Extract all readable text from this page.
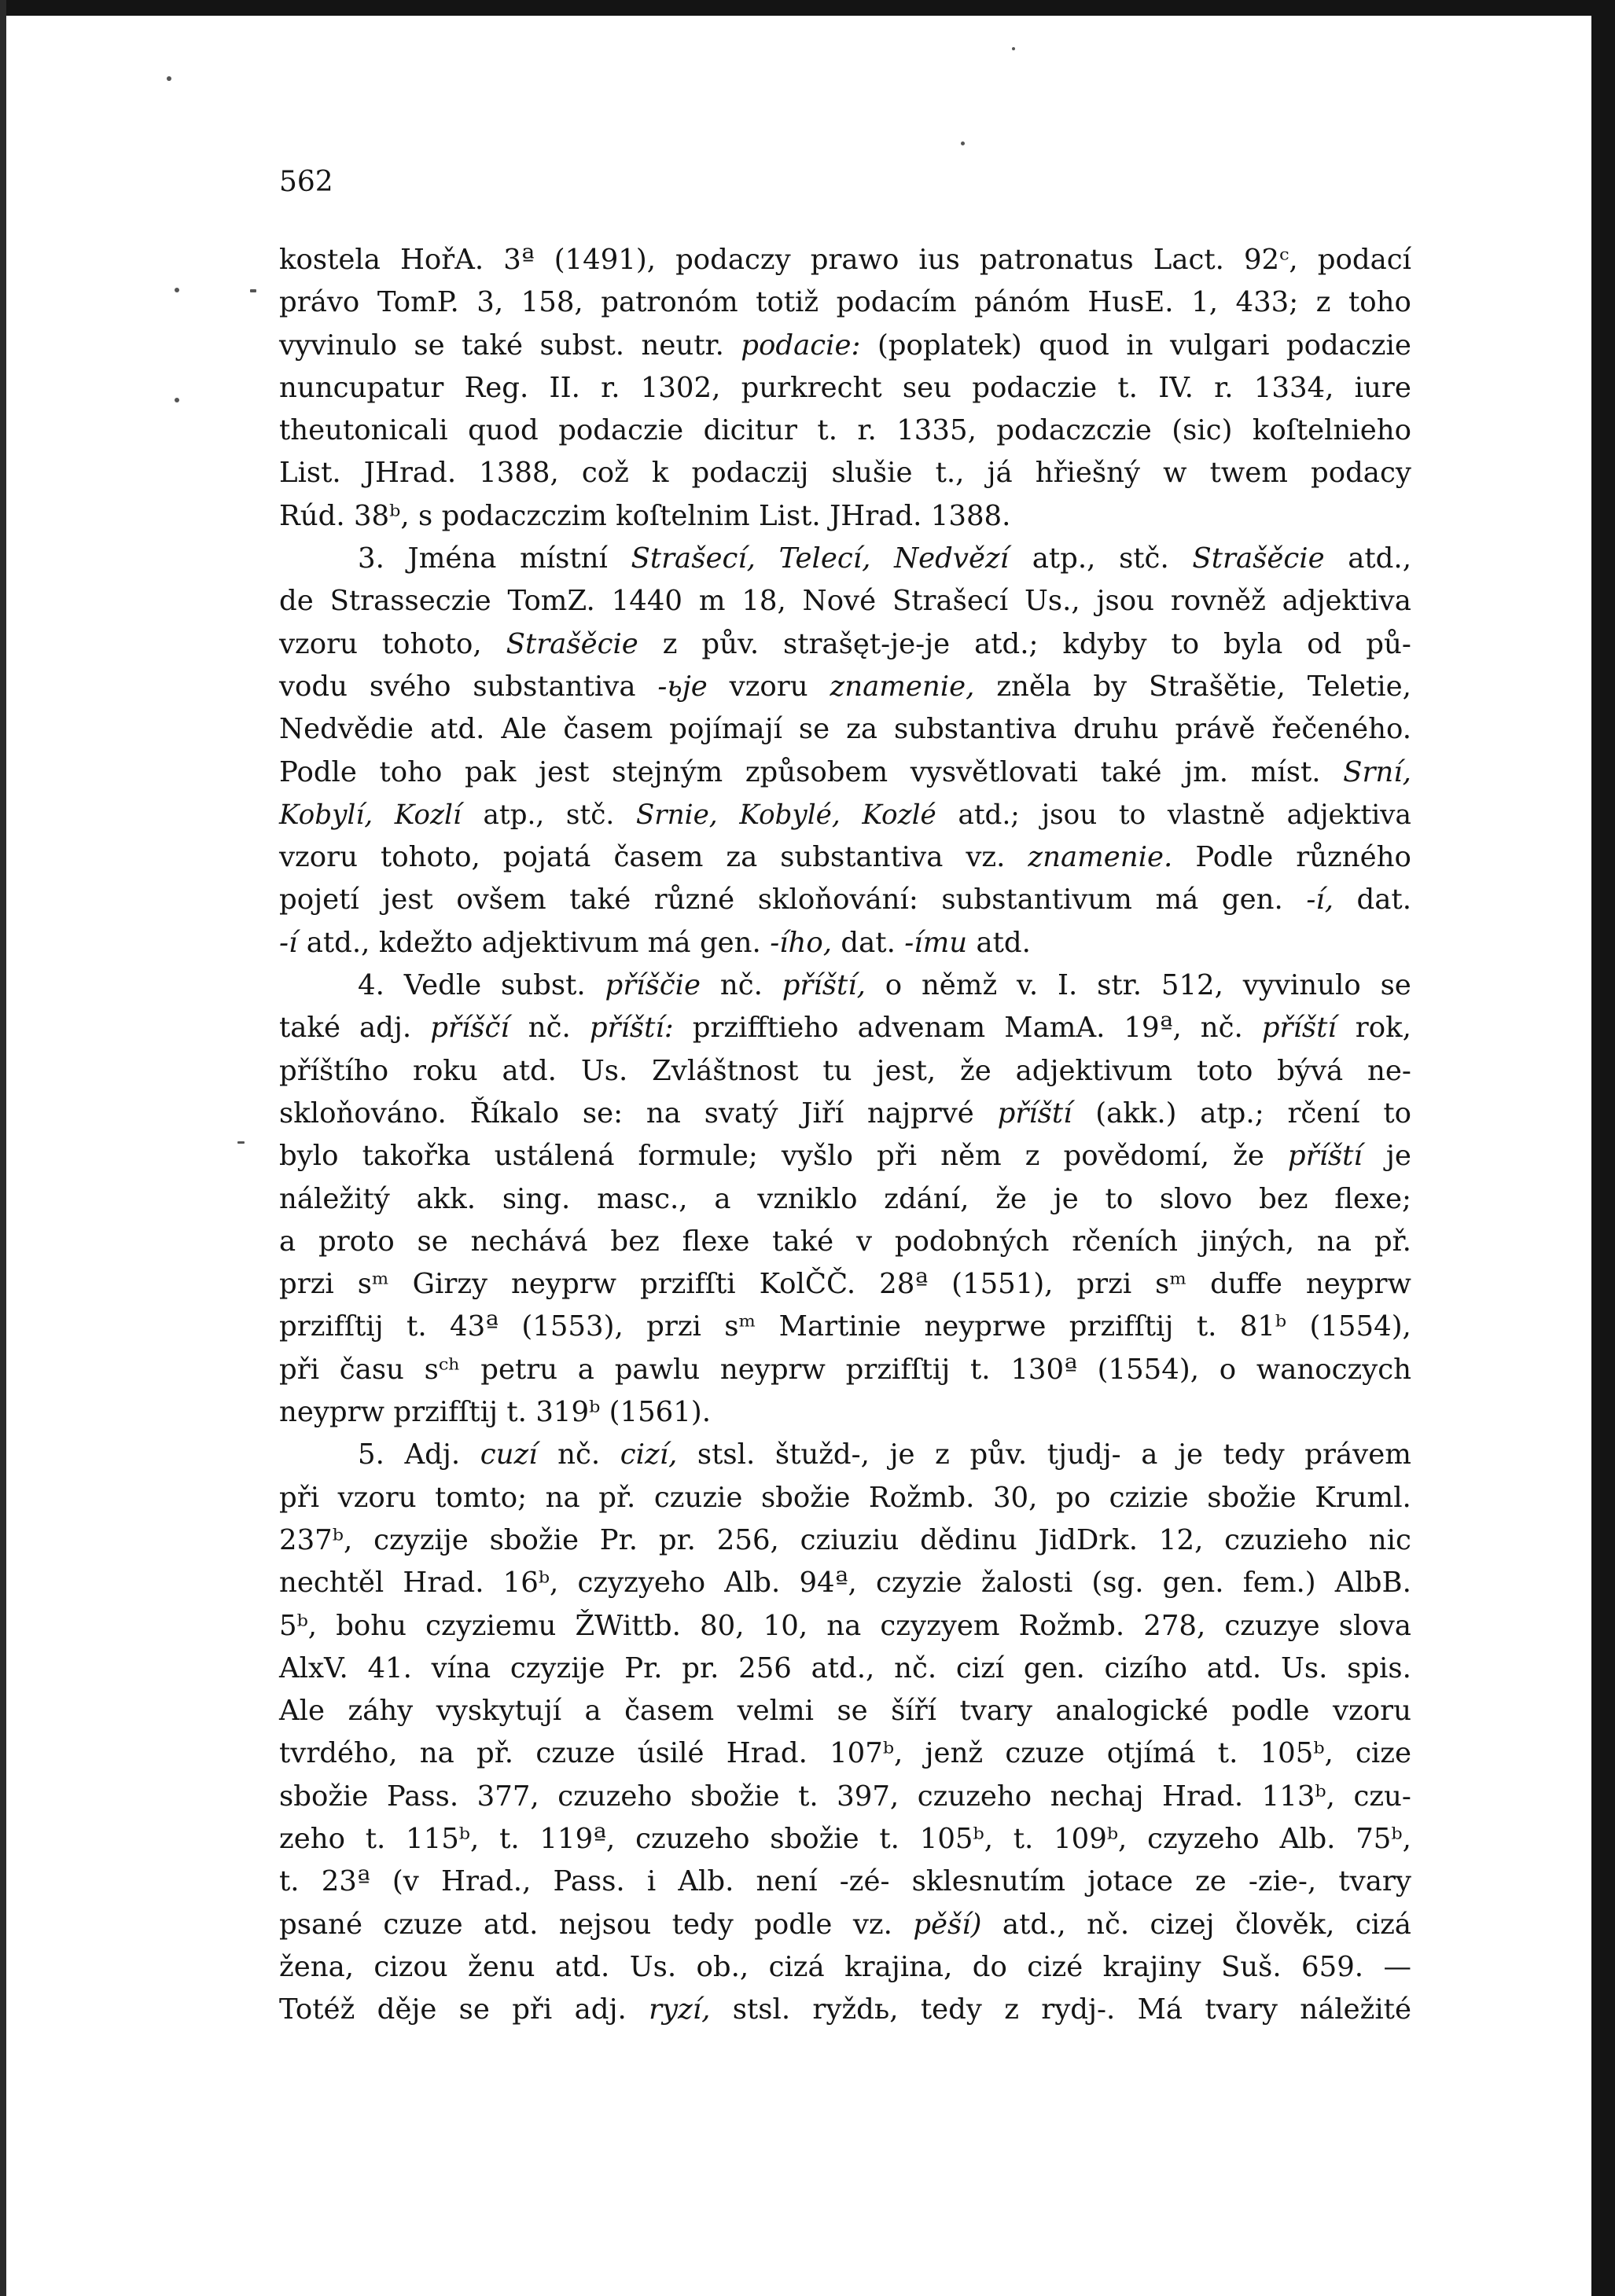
562
kostela HořA. 3ª (1491), podaczy prawo ius patronatus Lact. 92ᶜ, podací
právo TomP. 3, 158, patronóm totiž podacím pánóm HusE. 1, 433; z toho
vyvinulo se také subst. neutr. podacie: (poplatek) quod in vulgari podaczie
nuncupatur Reg. II. r. 1302, purkrecht seu podaczie t. IV. r. 1334, iure
theutonicali quod podaczie dicitur t. r. 1335, podaczczie (sic) koſtelnieho
List. JHrad. 1388, což k podaczij slušie t., já hřiešný w twem podacy
Rúd. 38ᵇ, s podaczczim koſtelnim List. JHrad. 1388.
3. Jména místní Strašecí, Telecí, Nedvězí atp., stč. Strašěcie atd.,
de Strasseczie TomZ. 1440 m 18, Nové Strašecí Us., jsou rovněž adjektiva
vzoru tohoto, Strašěcie z pův. strašęt-je-je atd.; kdyby to byla od pů-
vodu svého substantiva -ьje vzoru znamenie, zněla by Strašětie, Teletie,
Nedvědie atd. Ale časem pojímají se za substantiva druhu právě řečeného.
Podle toho pak jest stejným způsobem vysvětlovati také jm. míst. Srní,
Kobylí, Kozlí atp., stč. Srnie, Kobylé, Kozlé atd.; jsou to vlastně adjektiva
vzoru tohoto, pojatá časem za substantiva vz. znamenie. Podle různého
pojetí jest ovšem také různé skloňování: substantivum má gen. -í, dat.
-í atd., kdežto adjektivum má gen. -ího, dat. -ímu atd.
4. Vedle subst. příščie nč. příští, o němž v. I. str. 512, vyvinulo se
také adj. příščí nč. příští: przifftieho advenam MamA. 19ª, nč. příští rok,
příštího roku atd. Us. Zvláštnost tu jest, že adjektivum toto bývá ne-
skloňováno. Říkalo se: na svatý Jiří najprvé příští (akk.) atp.; rčení to
bylo takořka ustálená formule; vyšlo při něm z povědomí, že příští je
náležitý akk. sing. masc., a vzniklo zdání, že je to slovo bez flexe;
a proto se nechává bez flexe také v podobných rčeních jiných, na př.
przi sᵐ Girzy neyprw przifſti KolČČ. 28ª (1551), przi sᵐ duffe neyprw
przifſtij t. 43ª (1553), przi sᵐ Martinie neyprwe przifſtij t. 81ᵇ (1554),
při času sᶜʰ petru a pawlu neyprw przifſtij t. 130ª (1554), o wanoczych
neyprw przifſtij t. 319ᵇ (1561).
5. Adj. cuzí nč. cizí, stsl. štužd-, je z pův. tjudj- a je tedy právem
při vzoru tomto; na př. czuzie sbožie Rožmb. 30, po czizie sbožie Kruml.
237ᵇ, czyzije sbožie Pr. pr. 256, cziuziu dědinu JidDrk. 12, czuzieho nic
nechtěl Hrad. 16ᵇ, czyzyeho Alb. 94ª, czyzie žalosti (sg. gen. fem.) AlbB.
5ᵇ, bohu czyziemu ŽWittb. 80, 10, na czyzyem Rožmb. 278, czuzye slova
AlxV. 41. vína czyzije Pr. pr. 256 atd., nč. cizí gen. cizího atd. Us. spis.
Ale záhy vyskytují a časem velmi se šíří tvary analogické podle vzoru
tvrdého, na př. czuze úsilé Hrad. 107ᵇ, jenž czuze otjímá t. 105ᵇ, cize
sbožie Pass. 377, czuzeho sbožie t. 397, czuzeho nechaj Hrad. 113ᵇ, czu-
zeho t. 115ᵇ, t. 119ª, czuzeho sbožie t. 105ᵇ, t. 109ᵇ, czyzeho Alb. 75ᵇ,
t. 23ª (v Hrad., Pass. i Alb. není -zé- sklesnutím jotace ze -zie-, tvary
psané czuze atd. nejsou tedy podle vz. pěší) atd., nč. cizej člověk, cizá
žena, cizou ženu atd. Us. ob., cizá krajina, do cizé krajiny Suš. 659. —
Totéž děje se při adj. ryzí, stsl. ryždь, tedy z rydj-. Má tvary náležité
